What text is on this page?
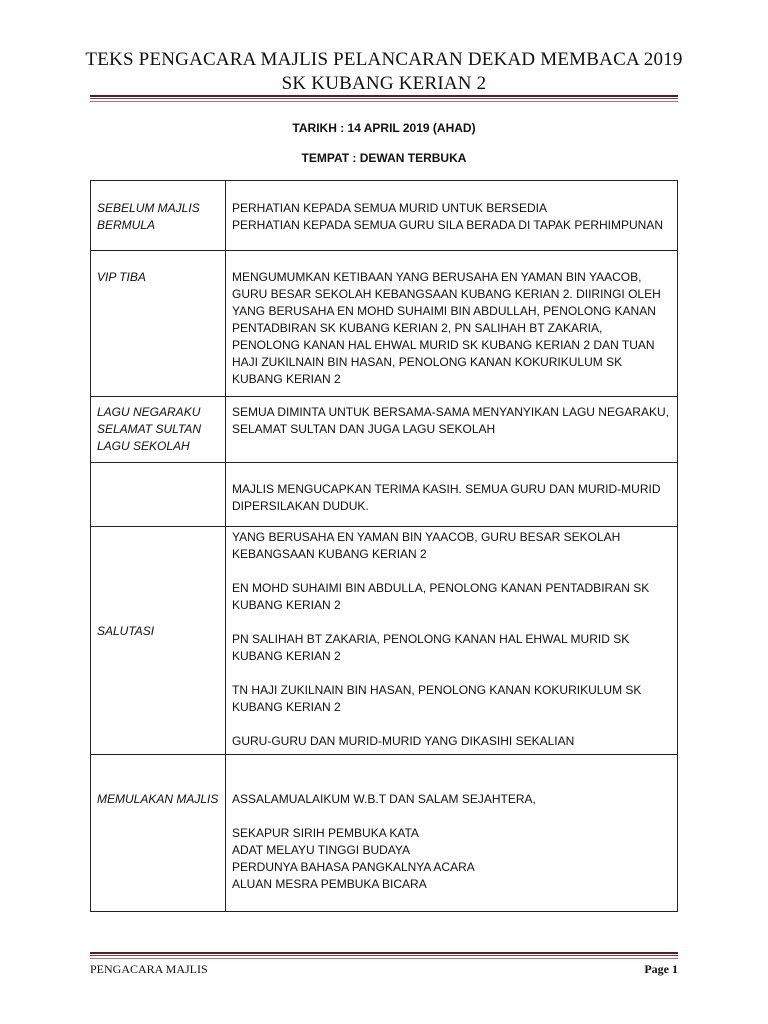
TEKS PENGACARA MAJLIS PELANCARAN DEKAD MEMBACA 2019
SK KUBANG KERIAN 2
TARIKH : 14 APRIL 2019 (AHAD)
TEMPAT : DEWAN TERBUKA
SEBELUM MAJLIS BERMULA	PERHATIAN KEPADA SEMUA MURID UNTUK BERSEDIA

PERHATIAN KEPADA SEMUA GURU SILA BERADA DI TAPAK PERHIMPUNAN

VIP TIBA	MENGUMUMKAN KETIBAAN YANG BERUSAHA EN YAMAN BIN YAACOB, GURU BESAR SEKOLAH KEBANGSAAN KUBANG KERIAN 2. DIIRINGI OLEH YANG BERUSAHA EN MOHD SUHAIMI BIN ABDULLAH, PENOLONG KANAN PENTADBIRAN SK KUBANG KERIAN 2, PN SALIHAH BT ZAKARIA, PENOLONG KANAN HAL EHWAL MURID SK KUBANG KERIAN 2 DAN TUAN HAJI ZUKILNAIN BIN HASAN, PENOLONG KANAN KOKURIKULUM SK KUBANG KERIAN 2

LAGU NEGARAKU
SELAMAT SULTAN
LAGU SEKOLAH	SEMUA DIMINTA UNTUK BERSAMA-SAMA MENYANYIKAN LAGU NEGARAKU, SELAMAT SULTAN DAN JUGA LAGU SEKOLAH

	MAJLIS MENGUCAPKAN TERIMA KASIH. SEMUA GURU DAN MURID-MURID DIPERSILAKAN DUDUK.

SALUTASI	YANG BERUSAHA EN YAMAN BIN YAACOB, GURU BESAR SEKOLAH KEBANGSAAN KUBANG KERIAN 2

EN MOHD SUHAIMI BIN ABDULLA, PENOLONG KANAN PENTADBIRAN SK KUBANG KERIAN 2

PN SALIHAH BT ZAKARIA, PENOLONG KANAN HAL EHWAL MURID SK KUBANG KERIAN 2

TN HAJI ZUKILNAIN BIN HASAN, PENOLONG KANAN KOKURIKULUM SK KUBANG KERIAN 2

GURU-GURU DAN MURID-MURID YANG DIKASIHI SEKALIAN

MEMULAKAN MAJLIS	ASSALAMUALAIKUM W.B.T DAN SALAM SEJAHTERA,

SEKAPUR SIRIH PEMBUKA KATA

ADAT MELAYU TINGGI BUDAYA

PERDUNYA BAHASA PANGKALNYA ACARA

ALUAN MESRA PEMBUKA BICARA

PENGACARA MAJLIS	Page 1
